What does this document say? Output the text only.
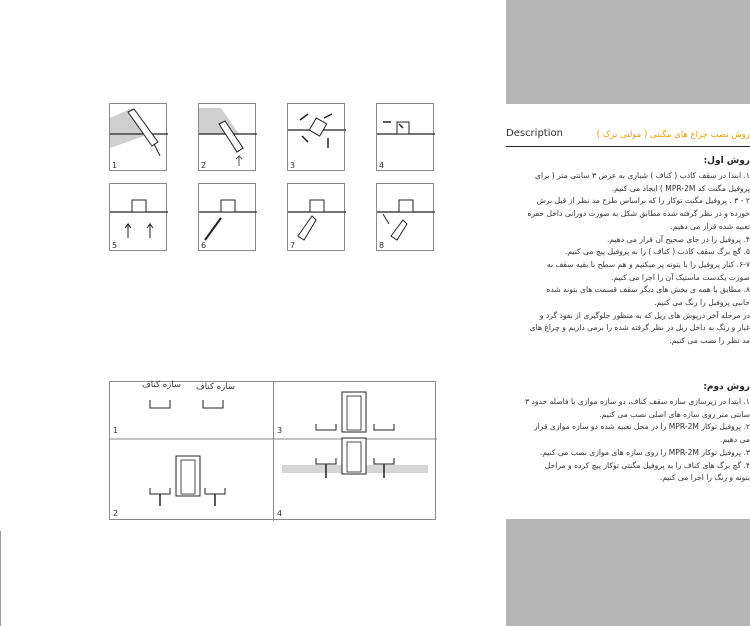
1	2	3	4
5	6	7	8
سازه کناف سازه کناف
1	3
2	4
Description	روش نصب چراغ های مگنتی ( مولتی ترک )
روش اول:

۱. ابتدا در سقف کاذب ( کناف ) شیاری به عرض ۳ سانتی متر ( برای

پروفیل مگنت کد MPR-2M ) ایجاد می کنیم.

۲ - ۳ . پروفیل مگنت توکار را که براساس طرح مد نظر از قبل برش

خورده و در نظر گرفته شده مطابق شکل به صورت دورانی داخل حفره

تعبیه شده قرار می دهیم.

۴. پروفیل را در جای صحیح آن قرار می دهیم.

۵. گچ برگ سقف کاذب ( کناف ) را به پروفیل پیچ می کنیم.

۶-۷. کنار پروفیل را با بتونه پر میکنیم و هم سطح با بقیه سقف به

صورت یکدست ماستیک آن را اجرا می کنیم.

۸. مطابق با همه ی بخش های دیگر سقف قسمت های بتونه شده

جانبی پروفیل را رنگ می کنیم.

در مرحله آخر درپوش های ریل که به منظور جلوگیری از نفوذ گرد و

غبار و رنگ به داخل ریل در نظر گرفته شده را برمی داریم و چراغ های

مد نظر را نصب می کنیم.

روش دوم:

۱. ابتدا در زیرسازی سازه سقف کناف، دو سازه موازی با فاصله حدود ۳

سانتی متر روی سازه های اصلی نصب می کنیم.

۲. پروفیل توکار MPR-2M را در محل تعبیه شده دو سازه موازی قرار

می دهیم.

۳. پروفیل توکار MPR-2M را روی سازه های موازی نصب می کنیم.

۴. گچ برگ های کناف را به پروفیل مگنتی توکار پیچ کرده و مراحل

بتونه و رنگ را اجرا می کنیم.
